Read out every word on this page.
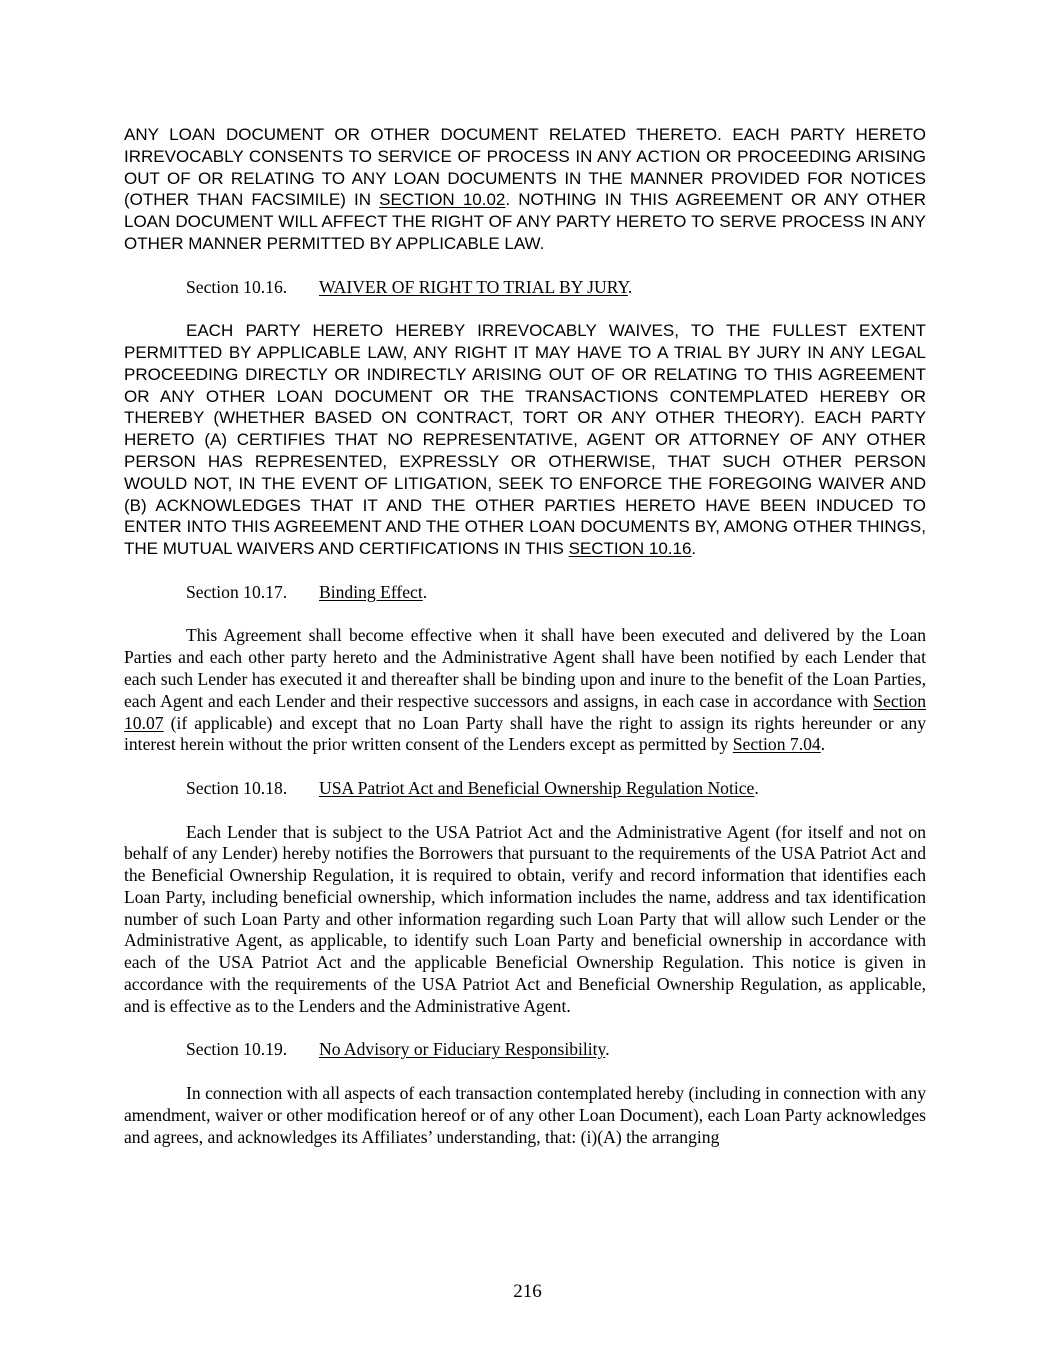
ANY LOAN DOCUMENT OR OTHER DOCUMENT RELATED THERETO. EACH PARTY HERETO IRREVOCABLY CONSENTS TO SERVICE OF PROCESS IN ANY ACTION OR PROCEEDING ARISING OUT OF OR RELATING TO ANY LOAN DOCUMENTS IN THE MANNER PROVIDED FOR NOTICES (OTHER THAN FACSIMILE) IN SECTION 10.02. NOTHING IN THIS AGREEMENT OR ANY OTHER LOAN DOCUMENT WILL AFFECT THE RIGHT OF ANY PARTY HERETO TO SERVE PROCESS IN ANY OTHER MANNER PERMITTED BY APPLICABLE LAW.

Section 10.16. WAIVER OF RIGHT TO TRIAL BY JURY.

EACH PARTY HERETO HEREBY IRREVOCABLY WAIVES, TO THE FULLEST EXTENT PERMITTED BY APPLICABLE LAW, ANY RIGHT IT MAY HAVE TO A TRIAL BY JURY IN ANY LEGAL PROCEEDING DIRECTLY OR INDIRECTLY ARISING OUT OF OR RELATING TO THIS AGREEMENT OR ANY OTHER LOAN DOCUMENT OR THE TRANSACTIONS CONTEMPLATED HEREBY OR THEREBY (WHETHER BASED ON CONTRACT, TORT OR ANY OTHER THEORY). EACH PARTY HERETO (A) CERTIFIES THAT NO REPRESENTATIVE, AGENT OR ATTORNEY OF ANY OTHER PERSON HAS REPRESENTED, EXPRESSLY OR OTHERWISE, THAT SUCH OTHER PERSON WOULD NOT, IN THE EVENT OF LITIGATION, SEEK TO ENFORCE THE FOREGOING WAIVER AND (B) ACKNOWLEDGES THAT IT AND THE OTHER PARTIES HERETO HAVE BEEN INDUCED TO ENTER INTO THIS AGREEMENT AND THE OTHER LOAN DOCUMENTS BY, AMONG OTHER THINGS, THE MUTUAL WAIVERS AND CERTIFICATIONS IN THIS SECTION 10.16.

Section 10.17. Binding Effect.

This Agreement shall become effective when it shall have been executed and delivered by the Loan Parties and each other party hereto and the Administrative Agent shall have been notified by each Lender that each such Lender has executed it and thereafter shall be binding upon and inure to the benefit of the Loan Parties, each Agent and each Lender and their respective successors and assigns, in each case in accordance with Section 10.07 (if applicable) and except that no Loan Party shall have the right to assign its rights hereunder or any interest herein without the prior written consent of the Lenders except as permitted by Section 7.04.

Section 10.18. USA Patriot Act and Beneficial Ownership Regulation Notice.

Each Lender that is subject to the USA Patriot Act and the Administrative Agent (for itself and not on behalf of any Lender) hereby notifies the Borrowers that pursuant to the requirements of the USA Patriot Act and the Beneficial Ownership Regulation, it is required to obtain, verify and record information that identifies each Loan Party, including beneficial ownership, which information includes the name, address and tax identification number of such Loan Party and other information regarding such Loan Party that will allow such Lender or the Administrative Agent, as applicable, to identify such Loan Party and beneficial ownership in accordance with each of the USA Patriot Act and the applicable Beneficial Ownership Regulation. This notice is given in accordance with the requirements of the USA Patriot Act and Beneficial Ownership Regulation, as applicable, and is effective as to the Lenders and the Administrative Agent.

Section 10.19. No Advisory or Fiduciary Responsibility.

In connection with all aspects of each transaction contemplated hereby (including in connection with any amendment, waiver or other modification hereof or of any other Loan Document), each Loan Party acknowledges and agrees, and acknowledges its Affiliates’ understanding, that: (i)(A) the arranging

216
